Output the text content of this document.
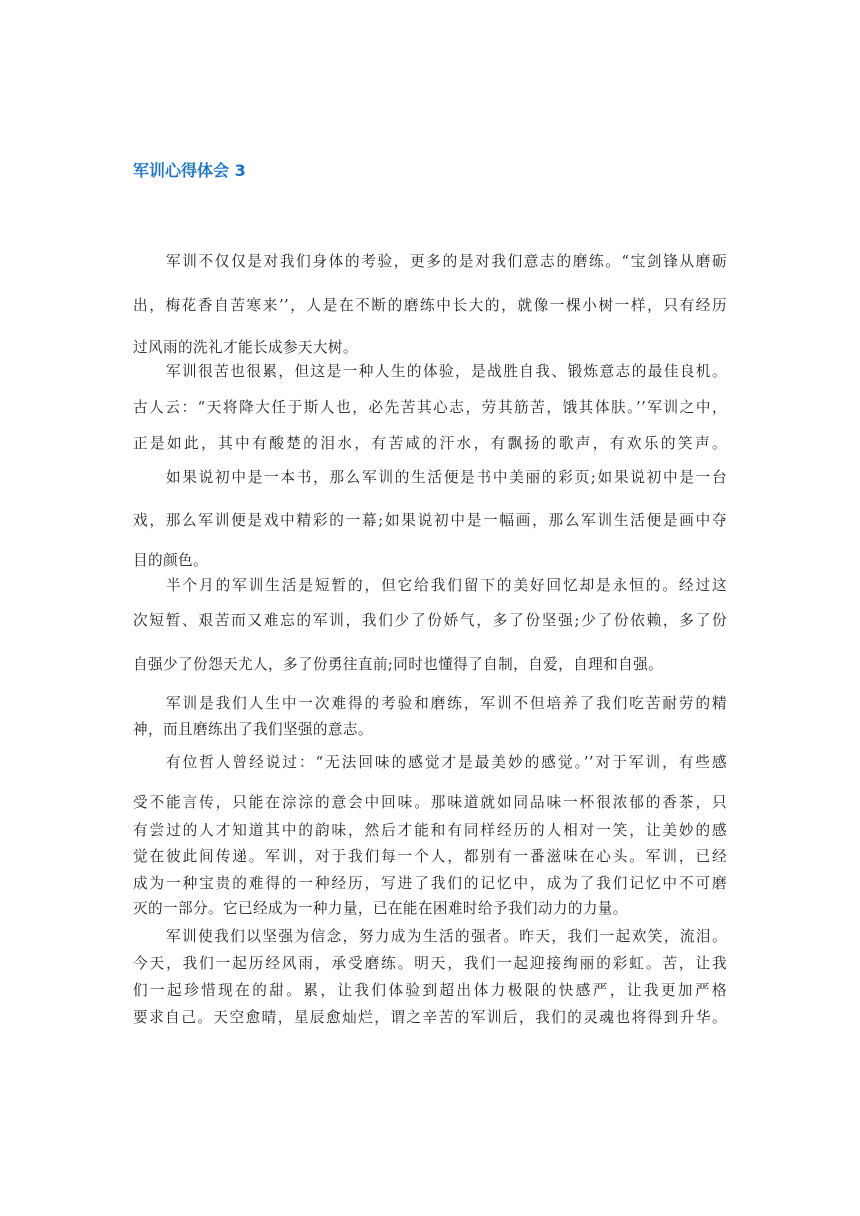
军训心得体会 3
军训不仅仅是对我们身体的考验，更多的是对我们意志的磨练。“宝剑锋从磨砺
出，梅花香自苦寒来’’，人是在不断的磨练中长大的，就像一棵小树一样，只有经历
过风雨的洗礼才能长成参天大树。
军训很苦也很累，但这是一种人生的体验，是战胜自我、锻炼意志的最佳良机。
古人云：“天将降大任于斯人也，必先苦其心志，劳其筋苦，饿其体肤。’’军训之中，
正是如此，其中有酸楚的泪水，有苦咸的汗水，有飘扬的歌声，有欢乐的笑声。
如果说初中是一本书，那么军训的生活便是书中美丽的彩页;如果说初中是一台
戏，那么军训便是戏中精彩的一幕;如果说初中是一幅画，那么军训生活便是画中夺
目的颜色。
半个月的军训生活是短暂的，但它给我们留下的美好回忆却是永恒的。经过这
次短暂、艰苦而又难忘的军训，我们少了份娇气，多了份坚强;少了份依赖，多了份
自强少了份怨天尤人，多了份勇往直前;同时也懂得了自制，自爱，自理和自强。
军训是我们人生中一次难得的考验和磨练，军训不但培养了我们吃苦耐劳的精
神，而且磨练出了我们坚强的意志。
有位哲人曾经说过：“无法回味的感觉才是最美妙的感觉。’’对于军训，有些感
受不能言传，只能在淙淙的意会中回味。那味道就如同品味一杯很浓郁的香茶，只
有尝过的人才知道其中的韵味，然后才能和有同样经历的人相对一笑，让美妙的感
觉在彼此间传递。军训，对于我们每一个人，都别有一番滋味在心头。军训，已经
成为一种宝贵的难得的一种经历，写进了我们的记忆中，成为了我们记忆中不可磨
灭的一部分。它已经成为一种力量，已在能在困难时给予我们动力的力量。
军训使我们以坚强为信念，努力成为生活的强者。昨天，我们一起欢笑，流泪。
今天，我们一起历经风雨，承受磨练。明天，我们一起迎接绚丽的彩虹。苦，让我
们一起珍惜现在的甜。累，让我们体验到超出体力极限的快感严，让我更加严格
要求自己。天空愈晴，星辰愈灿烂，谓之辛苦的军训后，我们的灵魂也将得到升华。
